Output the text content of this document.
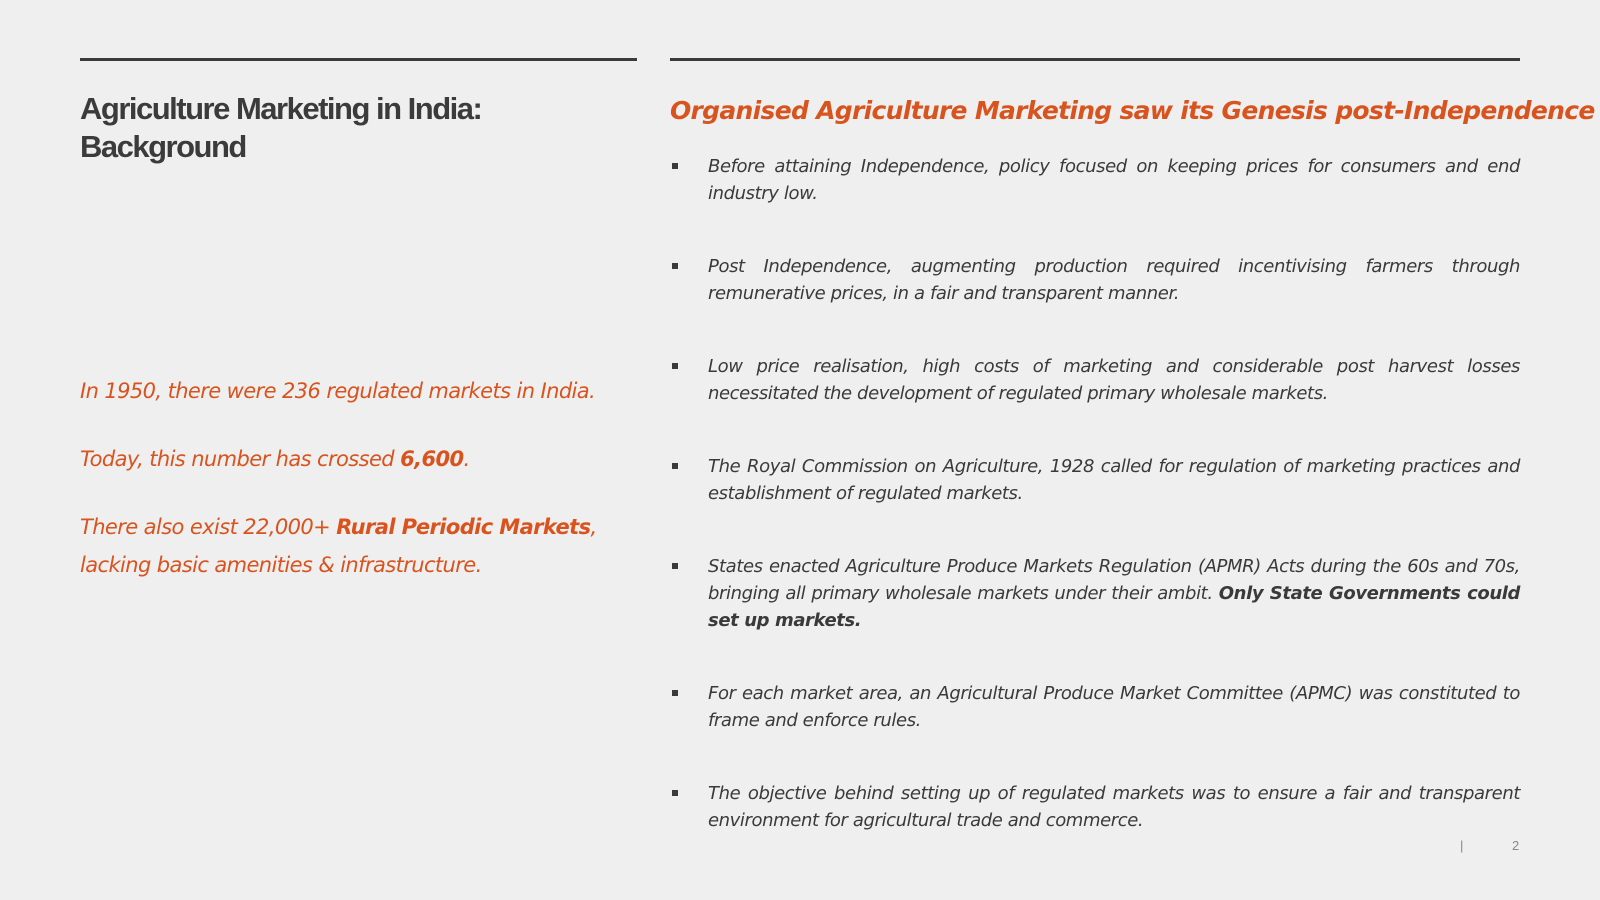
Agriculture Marketing in India:
Background

In 1950, there were 236 regulated markets in India.

Today, this number has crossed 6,600.

There also exist 22,000+ Rural Periodic Markets, lacking basic amenities & infrastructure.

Organised Agriculture Marketing saw its Genesis post-Independence
Before attaining Independence, policy focused on keeping prices for consumers and end industry low.
Post Independence, augmenting production required incentivising farmers through remunerative prices, in a fair and transparent manner.
Low price realisation, high costs of marketing and considerable post harvest losses necessitated the development of regulated primary wholesale markets.
The Royal Commission on Agriculture, 1928 called for regulation of marketing practices and establishment of regulated markets.
States enacted Agriculture Produce Markets Regulation (APMR) Acts during the 60s and 70s, bringing all primary wholesale markets under their ambit. Only State Governments could set up markets.
For each market area, an Agricultural Produce Market Committee (APMC) was constituted to frame and enforce rules.
The objective behind setting up of regulated markets was to ensure a fair and transparent environment for agricultural trade and commerce.
|	2
